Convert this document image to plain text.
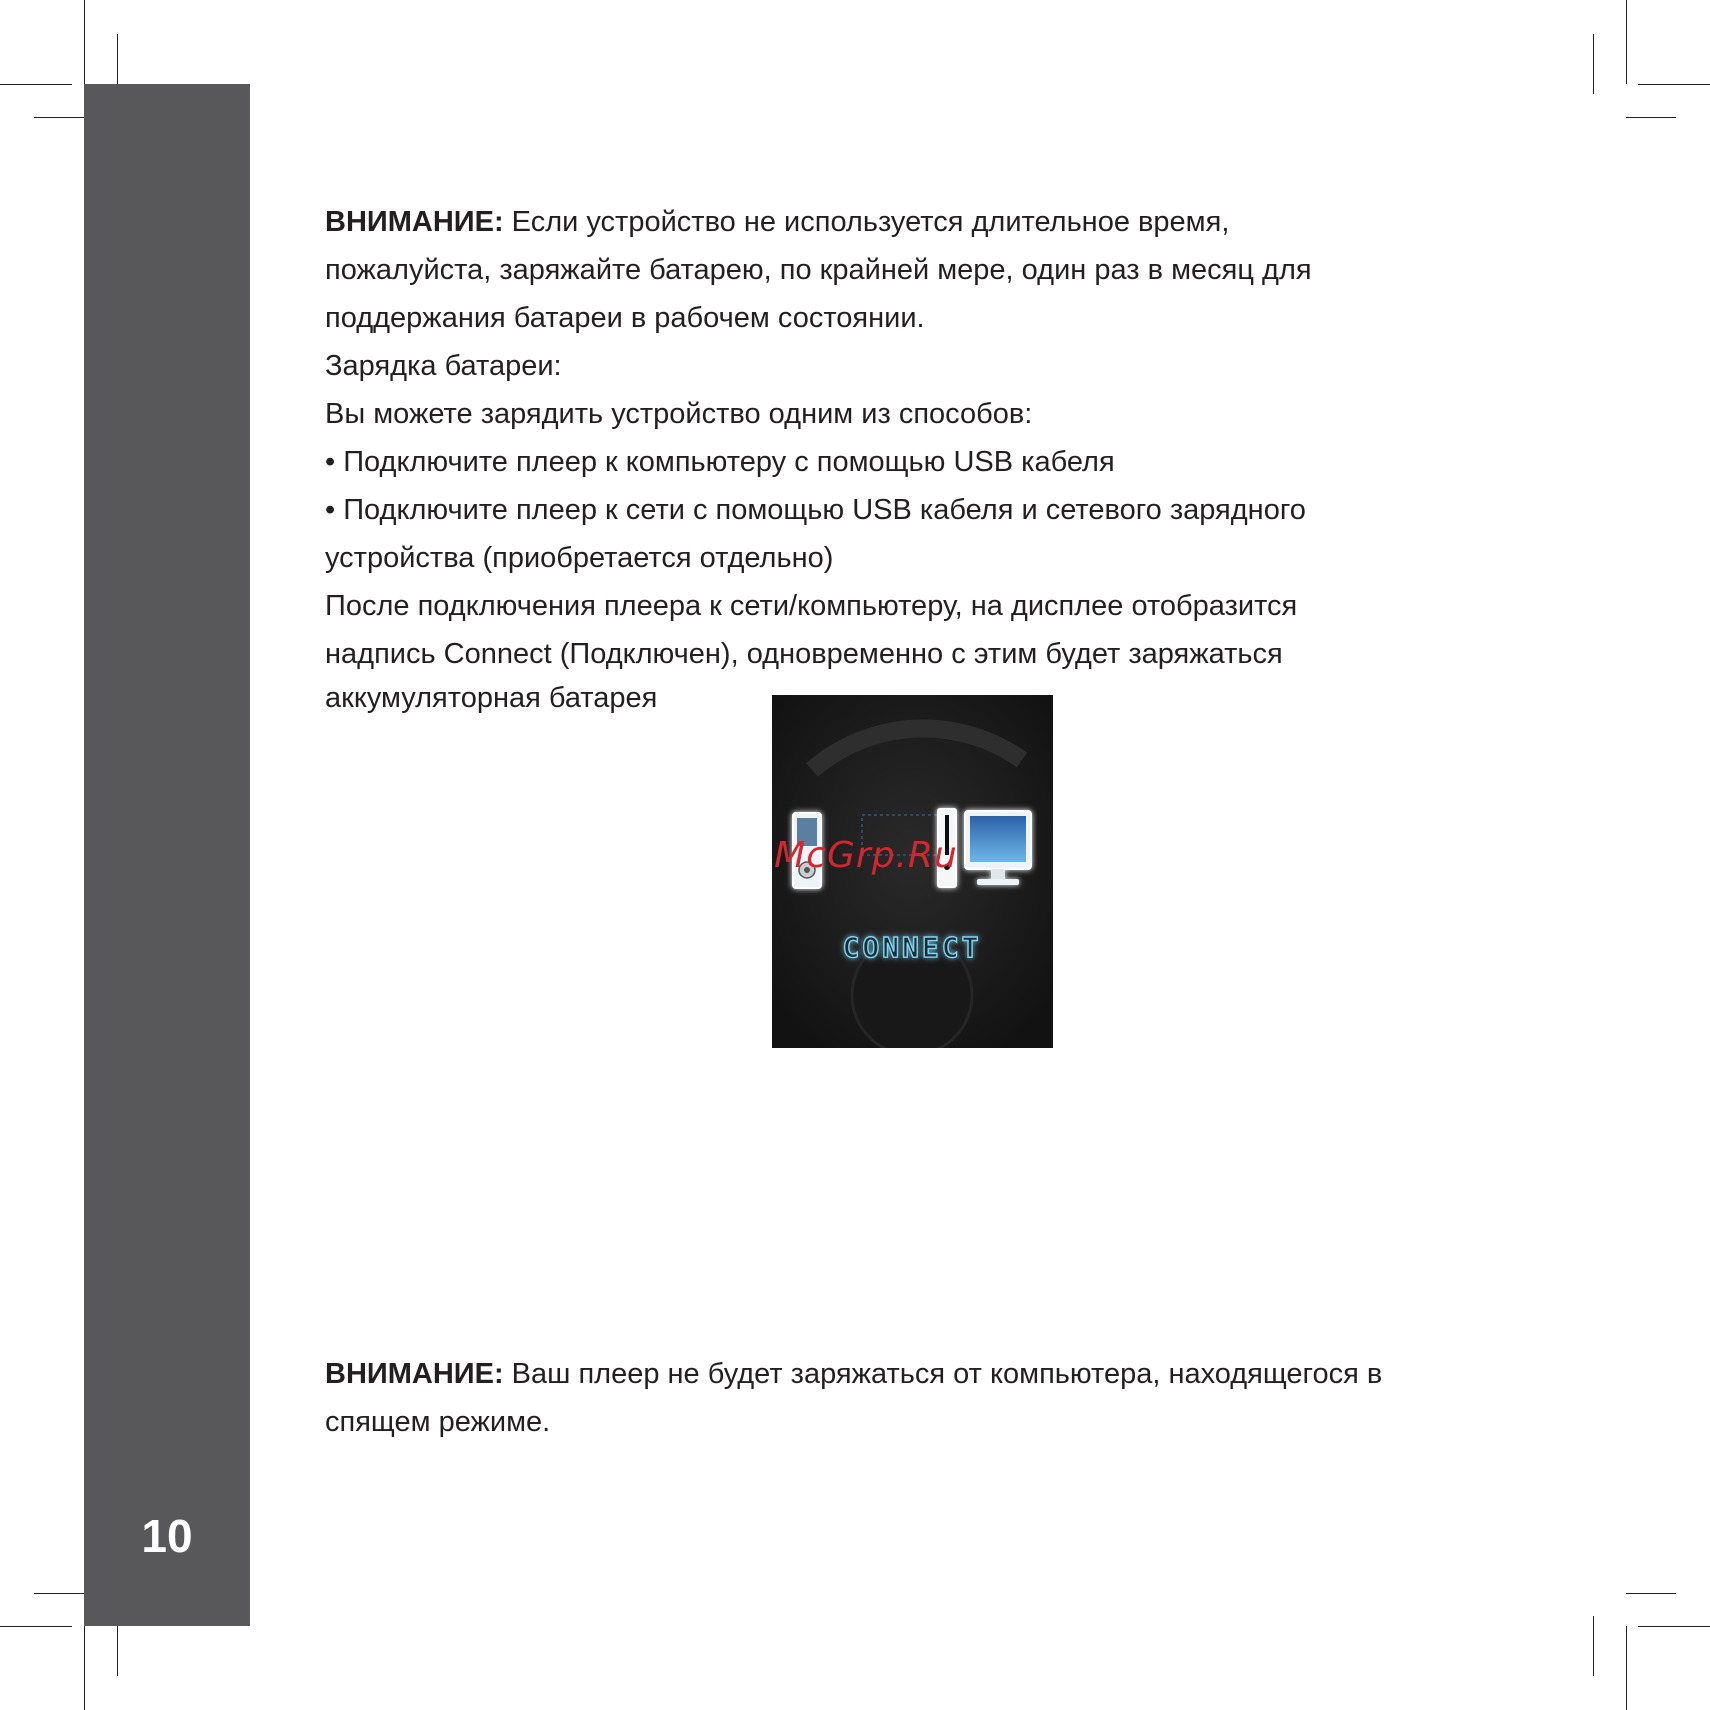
10
ВНИМАНИЕ: Если устройство не используется длительное время,
пожалуйста, заряжайте батарею, по крайней мере, один раз в месяц для
поддержания батареи в рабочем состоянии.
Зарядка батареи:
Вы можете зарядить устройство одним из способов:
• Подключите плеер к компьютеру с помощью USB кабеля
• Подключите плеер к сети с помощью USB кабеля и сетевого зарядного
устройства (приобретается отдельно)
После подключения плеера к сети/компьютеру, на дисплее отобразится
надпись Connect (Подключен), одновременно с этим будет заряжаться
аккумуляторная батарея
CONNECT
McGrp.Ru
ВНИМАНИЕ: Ваш плеер не будет заряжаться от компьютера, находящегося в
спящем режиме.
